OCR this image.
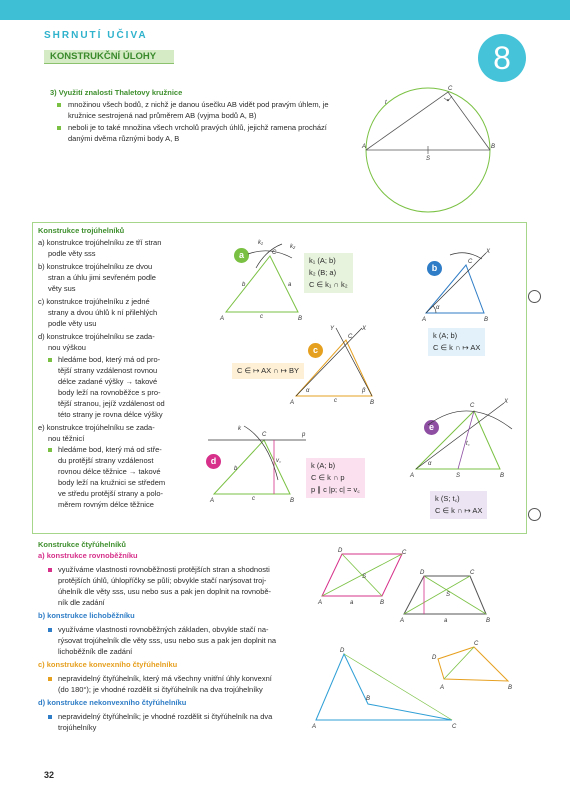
SHRNUTÍ UČIVA
8
KONSTRUKČNÍ ÚLOHY
3) Využití znalosti Thaletovy kružnice
množinou všech bodů, z nichž je danou úsečku AB vidět pod pravým úhlem, je
kružnice sestrojená nad průměrem AB (vyjma bodů A, B)
neboli je to také množina všech vrcholů pravých úhlů, jejichž ramena prochází
danými dvěma různými body A, B
A	B
C
S
t
Konstrukce trojúhelníků
a) konstrukce trojúhelníku ze tří stran
podle věty sss
b) konstrukce trojúhelníku ze dvou
stran a úhlu jimi sevřeném podle
věty sus
c) konstrukce trojúhelníku z jedné
strany a dvou úhlů k ní přilehlých
podle věty usu
d) konstrukce trojúhelníku se zada-
nou výškou
hledáme bod, který má od pro-
tější strany vzdálenost rovnou
délce zadané výšky → takové
body leží na rovnoběžce s pro-
tější stranou, jejíž vzdálenost od
této strany je rovna délce výšky
e) konstrukce trojúhelníku se zada-
nou těžnicí
hledáme bod, který má od stře-
du protější strany vzdálenost
rovnou délce těžnice → takové
body leží na kružnici se středem
ve středu protější strany a polo-
měrem rovným délce těžnice
a
A	B
C
k₁
k₂
b	a
c
k₁ (A; b)
k₂ (B; a)
C ∈ k₁ ∩ k₂
b
A	B
C
X
α
k (A; b)
C ∈ k ∩ ↦ AX
c
A	B
C
X
Y
c
α	β
C ∈ ↦ AX ∩ ↦ BY
d
A	B
C	p
k
v꜀
b
c
k (A; b)
C ∈ k ∩ p
p ∥ c |p; c| = v꜀
e
A	B
C
X
S
t꜀
α
k (S; t꜀)
C ∈ k ∩ ↦ AX
Konstrukce čtyřúhelníků
a) konstrukce rovnoběžníku
využíváme vlastnosti rovnoběžnosti protějších stran a shodnosti
protějších úhlů, úhlopříčky se půlí; obvykle stačí narýsovat troj-
úhelník dle věty sss, usu nebo sus a pak jen doplnit na rovnobě-
ník dle zadání
b) konstrukce lichoběžníku
využíváme vlastnosti rovnoběžných základen, obvykle stačí na-
rýsovat trojúhelník dle věty sss, usu nebo sus a pak jen doplnit na
lichoběžník dle zadání
c) konstrukce konvexního čtyřúhelníku
nepravidelný čtyřúhelník, který má všechny vnitřní úhly konvexní
(do 180°); je vhodné rozdělit si čtyřúhelník na dva trojúhelníky
d) konstrukce nekonvexního čtyřúhelníku
nepravidelný čtyřúhelník; je vhodné rozdělit si čtyřúhelník na dva
trojúhelníky
A	B
C
D
S
a
A	B
C
D
S
a
A	B
C
D
A
D
B
C
32
